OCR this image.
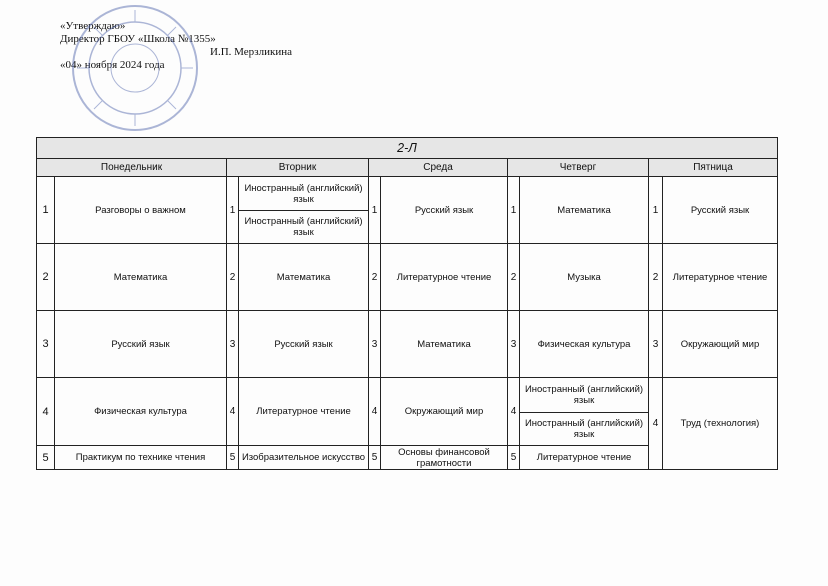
«Утверждаю»
Директор ГБОУ «Школа №1355»
И.П. Мерзликина
«04» ноября 2024 года
2-Л									
Понедельник		Вторник		Среда		Четверг		Пятница	
1	Разговоры о важном	1	Иностранный (английский) язык	1	Русский язык	1	Математика	1	Русский язык
			Иностранный (английский) язык						
2	Математика	2	Математика	2	Литературное чтение	2	Музыка	2	Литературное чтение
3	Русский язык	3	Русский язык	3	Математика	3	Физическая культура	3	Окружающий мир
4	Физическая культура	4	Литературное чтение	4	Окружающий мир	4	Иностранный (английский) язык	4	Труд (технология)
							Иностранный (английский) язык		
5	Практикум по технике чтения	5	Изобразительное искусство	5	Основы финансовой грамотности	5	Литературное чтение		
